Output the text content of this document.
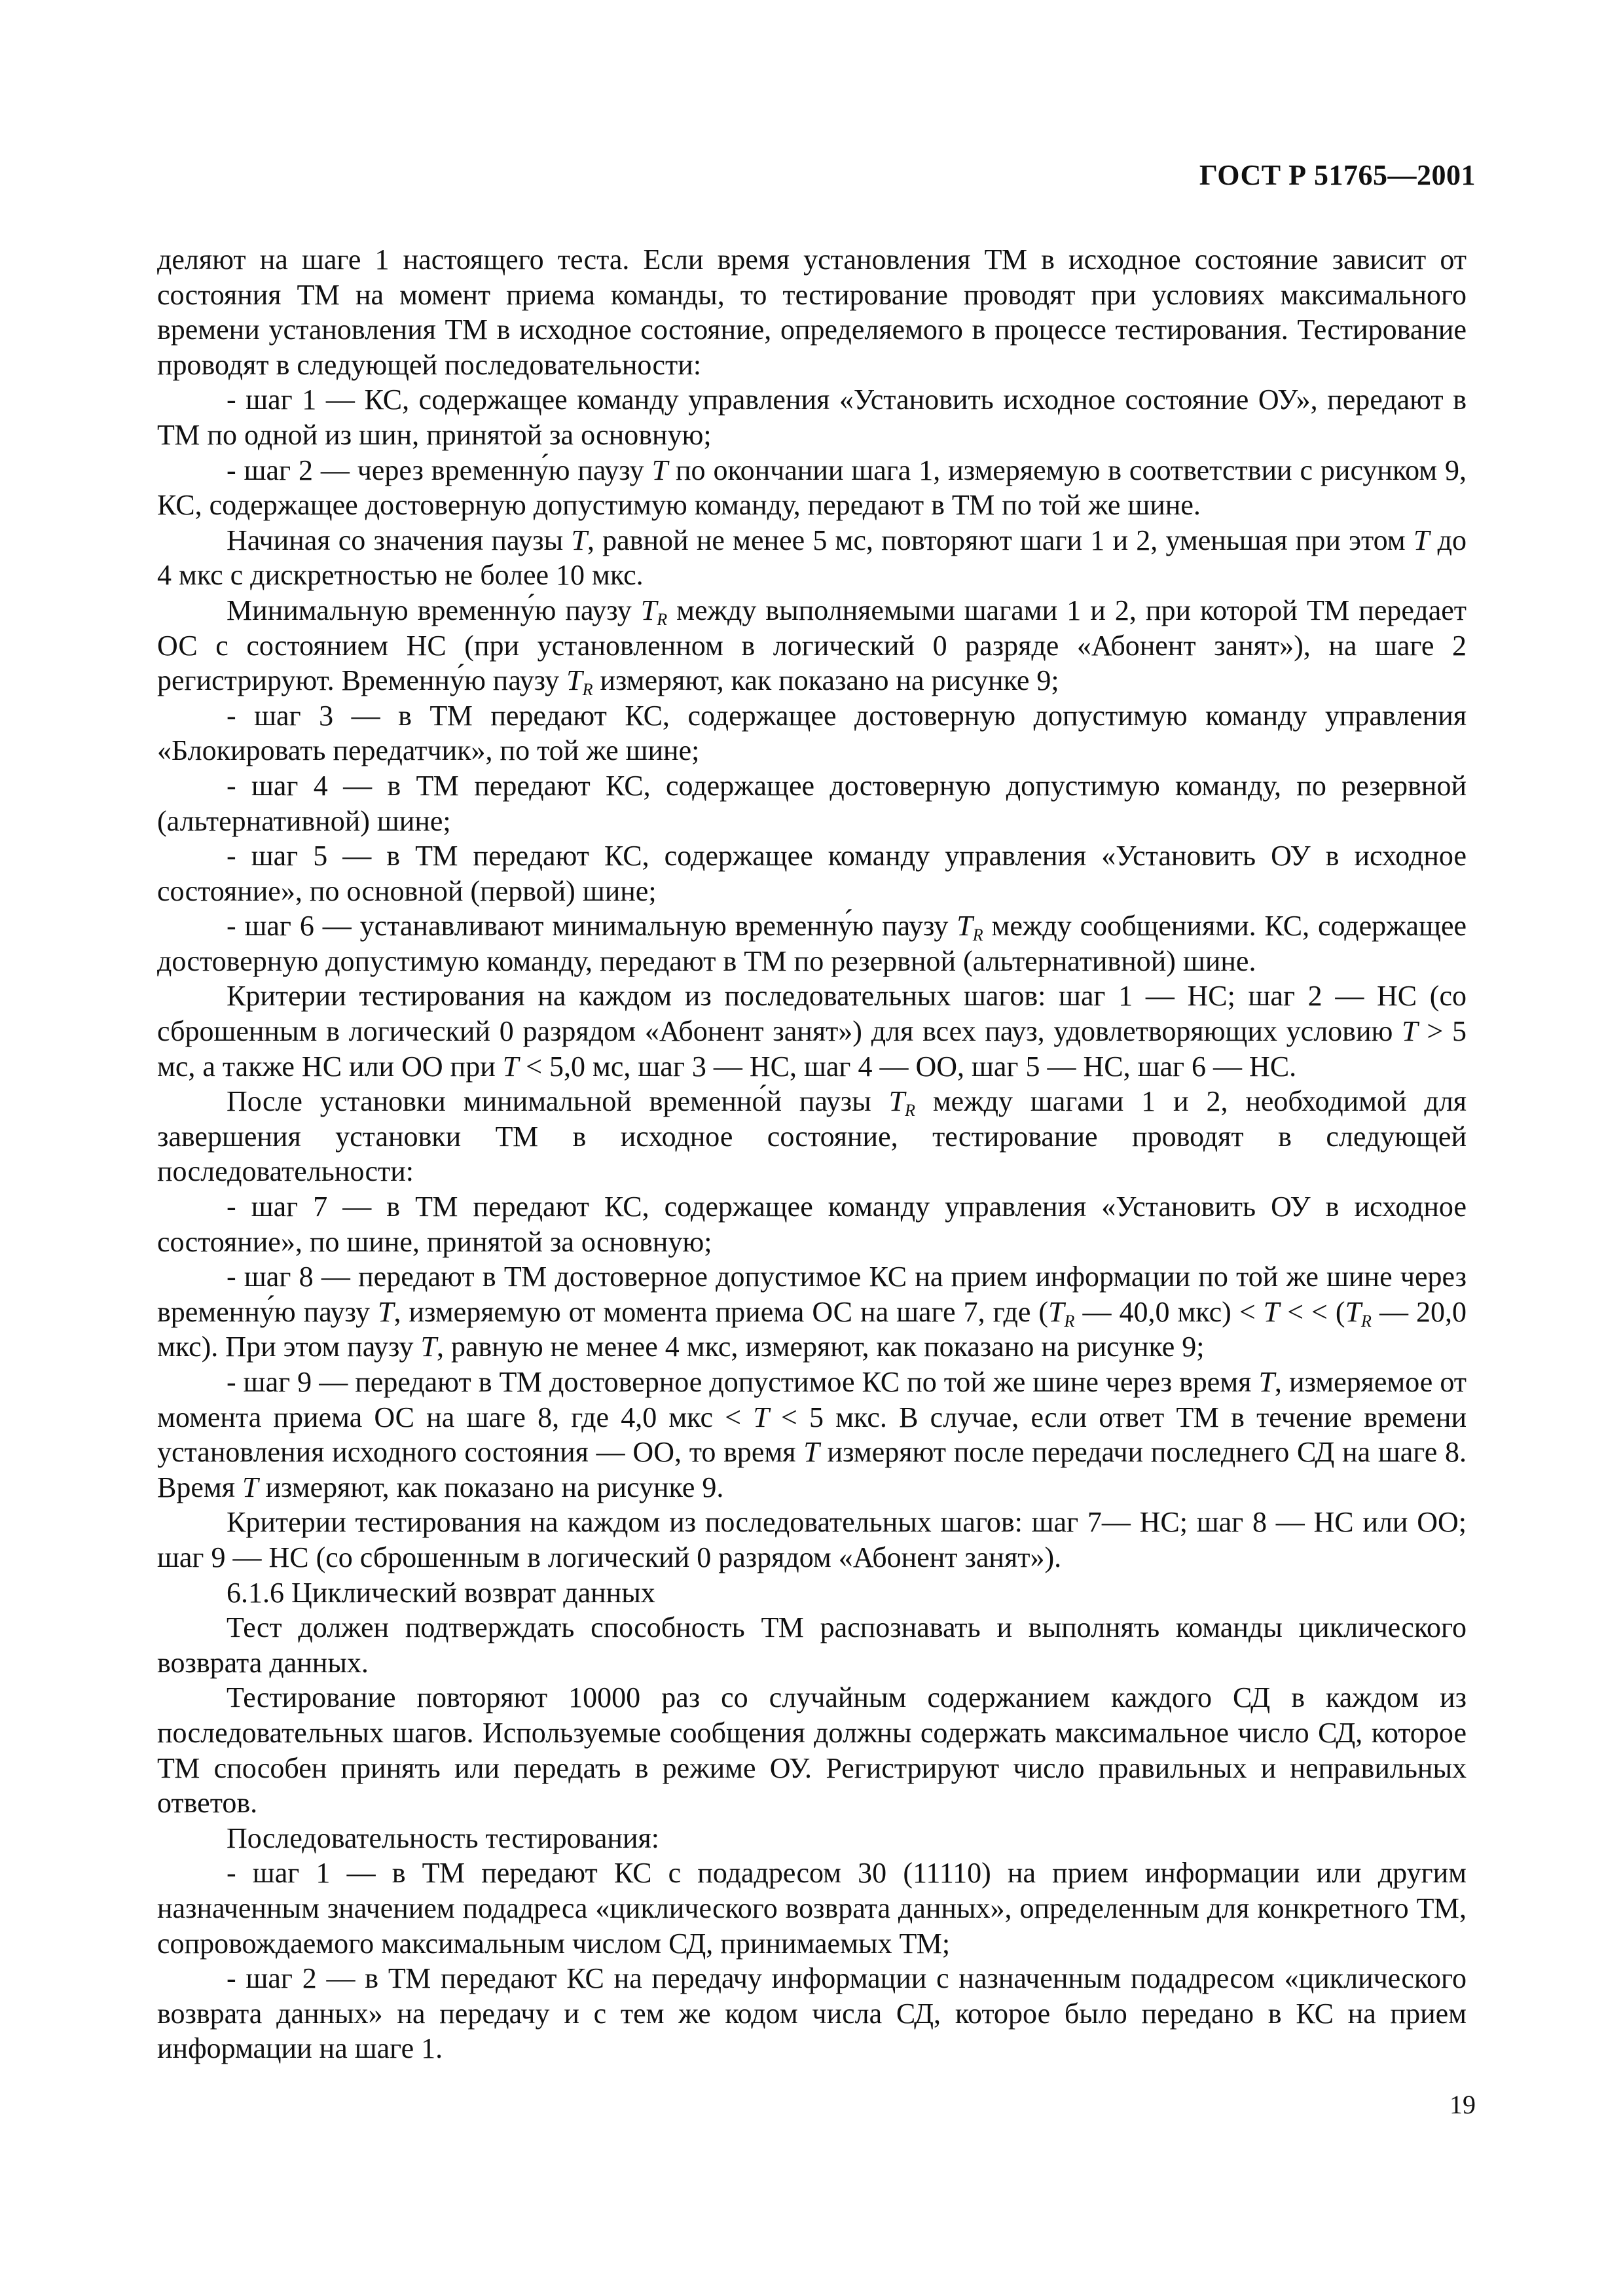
ГОСТ Р 51765—2001

деляют на шаге 1 настоящего теста. Если время установления ТМ в исходное состояние зависит от состояния ТМ на момент приема команды, то тестирование проводят при условиях максимального времени установления ТМ в исходное состояние, определяемого в процессе тестирования. Тестирование проводят в следующей последовательности:

- шаг 1 — КС, содержащее команду управления «Установить исходное состояние ОУ», передают в ТМ по одной из шин, принятой за основную;

- шаг 2 — через временну́ю паузу T по окончании шага 1, измеряемую в соответствии с рисунком 9, КС, содержащее достоверную допустимую команду, передают в ТМ по той же шине.

Начиная со значения паузы T, равной не менее 5 мс, повторяют шаги 1 и 2, уменьшая при этом T до 4 мкс с дискретностью не более 10 мкс.

Минимальную временну́ю паузу $T_R$ между выполняемыми шагами 1 и 2, при которой ТМ передает ОС с состоянием НС (при установленном в логический 0 разряде «Абонент занят»), на шаге 2 регистрируют. Временну́ю паузу $T_R$ измеряют, как показано на рисунке 9;

- шаг 3 — в ТМ передают КС, содержащее достоверную допустимую команду управления «Блокировать передатчик», по той же шине;

- шаг 4 — в ТМ передают КС, содержащее достоверную допустимую команду, по резервной (альтернативной) шине;

- шаг 5 — в ТМ передают КС, содержащее команду управления «Установить ОУ в исходное состояние», по основной (первой) шине;

- шаг 6 — устанавливают минимальную временну́ю паузу $T_R$ между сообщениями. КС, содержащее достоверную допустимую команду, передают в ТМ по резервной (альтернативной) шине.

Критерии тестирования на каждом из последовательных шагов: шаг 1 — НС; шаг 2 — НС (со сброшенным в логический 0 разрядом «Абонент занят») для всех пауз, удовлетворяющих условию T > 5 мс, а также НС или ОО при T < 5,0 мс, шаг 3 — НС, шаг 4 — ОО, шаг 5 — НС, шаг 6 — НС.

После установки минимальной временно́й паузы $T_R$ между шагами 1 и 2, необходимой для завершения установки ТМ в исходное состояние, тестирование проводят в следующей последовательности:

- шаг 7 — в ТМ передают КС, содержащее команду управления «Установить ОУ в исходное состояние», по шине, принятой за основную;

- шаг 8 — передают в ТМ достоверное допустимое КС на прием информации по той же шине через временну́ю паузу T, измеряемую от момента приема ОС на шаге 7, где ($T_R$ — 40,0 мкс) < T < < ($T_R$ — 20,0 мкс). При этом паузу T, равную не менее 4 мкс, измеряют, как показано на рисунке 9;

- шаг 9 — передают в ТМ достоверное допустимое КС по той же шине через время T, измеряемое от момента приема ОС на шаге 8, где 4,0 мкс < T < 5 мкс. В случае, если ответ ТМ в течение времени установления исходного состояния — ОО, то время T измеряют после передачи последнего СД на шаге 8. Время T измеряют, как показано на рисунке 9.

Критерии тестирования на каждом из последовательных шагов: шаг 7— НС; шаг 8 — НС или ОО; шаг 9 — НС (со сброшенным в логический 0 разрядом «Абонент занят»).

6.1.6 Циклический возврат данных

Тест должен подтверждать способность ТМ распознавать и выполнять команды циклического возврата данных.

Тестирование повторяют 10000 раз со случайным содержанием каждого СД в каждом из последовательных шагов. Используемые сообщения должны содержать максимальное число СД, которое ТМ способен принять или передать в режиме ОУ. Регистрируют число правильных и неправильных ответов.

Последовательность тестирования:

- шаг 1 — в ТМ передают КС с подадресом 30 (11110) на прием информации или другим назначенным значением подадреса «циклического возврата данных», определенным для конкретного ТМ, сопровождаемого максимальным числом СД, принимаемых ТМ;

- шаг 2 — в ТМ передают КС на передачу информации с назначенным подадресом «циклического возврата данных» на передачу и с тем же кодом числа СД, которое было передано в КС на прием информации на шаге 1.

19
